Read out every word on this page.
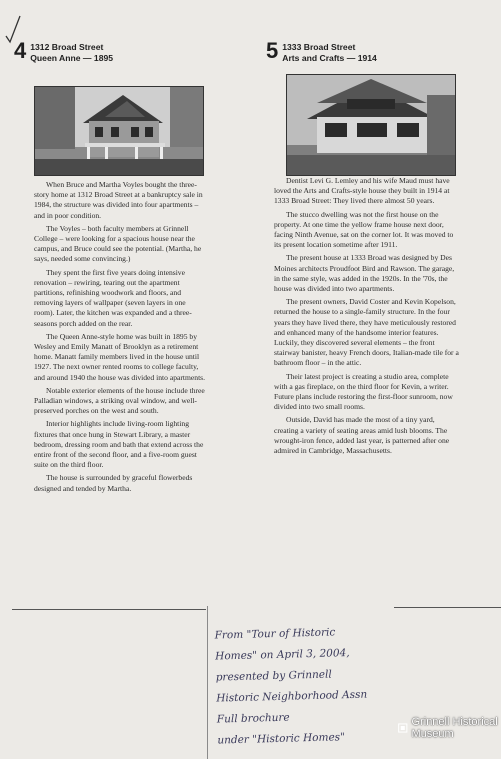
4 1312 Broad Street
Queen Anne — 1895

When Bruce and Martha Voyles bought the three-story home at 1312 Broad Street at a bankruptcy sale in 1984, the structure was divided into four apartments – and in poor condition.

The Voyles – both faculty members at Grinnell College – were looking for a spacious house near the campus, and Bruce could see the potential. (Martha, he says, needed some convincing.)

They spent the first five years doing intensive renovation – rewiring, tearing out the apartment partitions, refinishing woodwork and floors, and removing layers of wallpaper (seven layers in one room). Later, the kitchen was expanded and a three-seasons porch added on the rear.

The Queen Anne-style home was built in 1895 by Wesley and Emily Manatt of Brooklyn as a retirement home. Manatt family members lived in the house until 1927. The next owner rented rooms to college faculty, and around 1940 the house was divided into apartments.

Notable exterior elements of the house include three Palladian windows, a striking oval window, and well-preserved porches on the west and south.

Interior highlights include living-room lighting fixtures that once hung in Stewart Library, a master bedroom, dressing room and bath that extend across the entire front of the second floor, and a five-room guest suite on the third floor.

The house is surrounded by graceful flowerbeds designed and tended by Martha.

5 1333 Broad Street
Arts and Crafts — 1914

Dentist Levi G. Lemley and his wife Maud must have loved the Arts and Crafts-style house they built in 1914 at 1333 Broad Street: They lived there almost 50 years.

The stucco dwelling was not the first house on the property. At one time the yellow frame house next door, facing Ninth Avenue, sat on the corner lot. It was moved to its present location sometime after 1911.

The present house at 1333 Broad was designed by Des Moines architects Proudfoot Bird and Rawson. The garage, in the same style, was added in the 1920s. In the '70s, the house was divided into two apartments.

The present owners, David Coster and Kevin Kopelson, returned the house to a single-family structure. In the four years they have lived there, they have meticulously restored and enhanced many of the handsome interior features. Luckily, they discovered several elements – the front stairway banister, heavy French doors, Italian-made tile for a bathroom floor – in the attic.

Their latest project is creating a studio area, complete with a gas fireplace, on the third floor for Kevin, a writer. Future plans include restoring the first-floor sunroom, now divided into two small rooms.

Outside, David has made the most of a tiny yard, creating a variety of seating areas amid lush blooms. The wrought-iron fence, added last year, is patterned after one admired in Cambridge, Massachusetts.

From "Tour of Historic
Homes" on April 3, 2004,
presented by Grinnell
Historic Neighborhood Assn
Full brochure
under "Historic Homes"
Grinnell Historical Museum
